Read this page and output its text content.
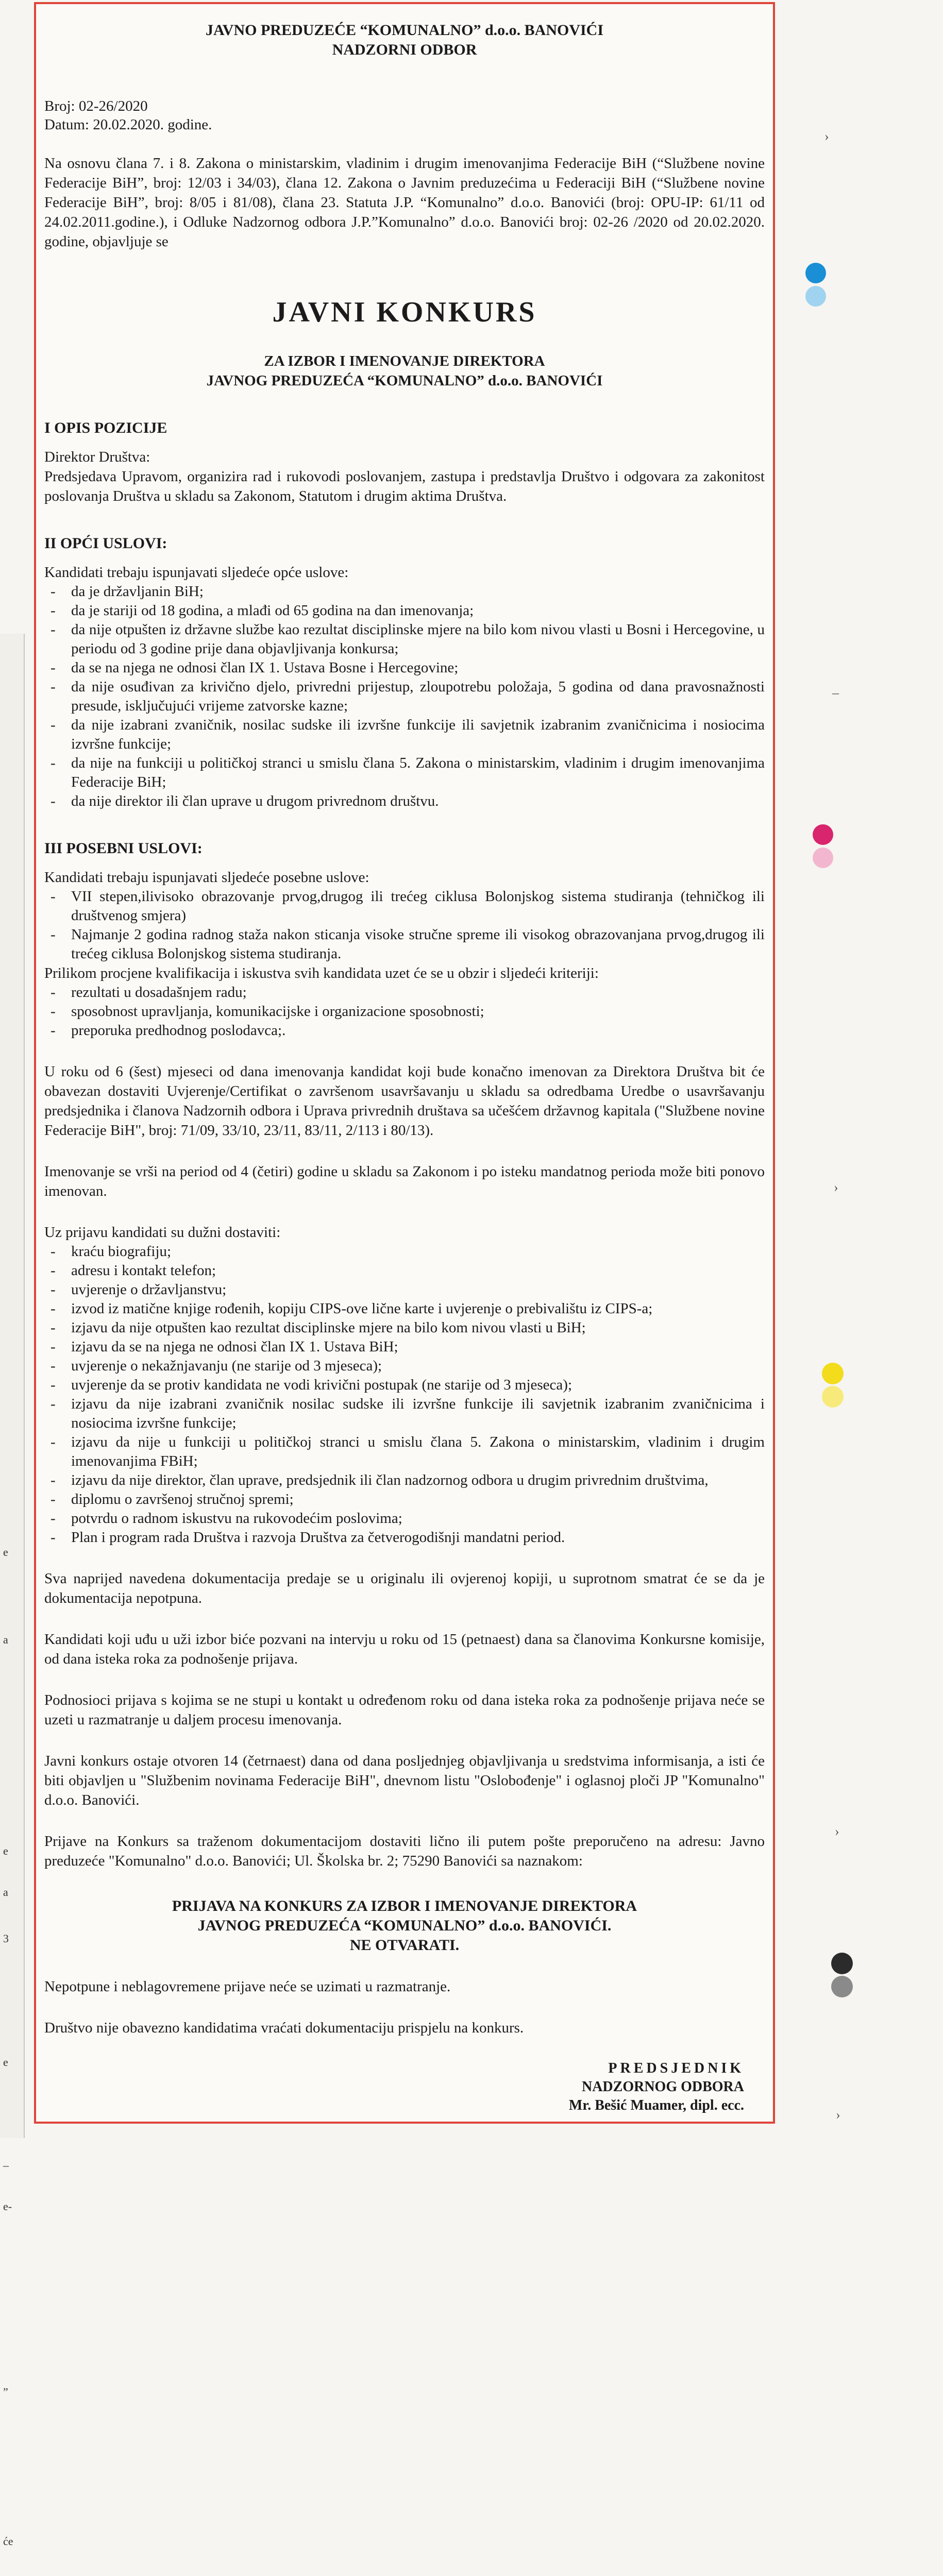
e
a
e
a
3
e
–
e-
”
će
JAVNO PREDUZEĆE “KOMUNALNO” d.o.o. BANOVIĆI
NADZORNI ODBOR
Broj: 02-26/2020
Datum: 20.02.2020. godine.

Na osnovu člana 7. i 8. Zakona o ministarskim, vladinim i drugim imenovanjima Federacije BiH (“Službene novine Federacije BiH”, broj: 12/03 i 34/03), člana 12. Zakona o Javnim preduzećima u Federaciji BiH (“Službene novine Federacije BiH”, broj: 8/05 i 81/08), člana 23. Statuta J.P. “Komunalno” d.o.o. Banovići (broj: OPU-IP: 61/11 od 24.02.2011.godine.), i Odluke Nadzornog odbora J.P.”Komunalno” d.o.o. Banovići broj: 02-26 /2020 od 20.02.2020. godine, objavljuje se

JAVNI KONKURS
ZA IZBOR I IMENOVANJE DIREKTORA
JAVNOG PREDUZEĆA “KOMUNALNO” d.o.o. BANOVIĆI
I OPIS POZICIJE

Direktor Društva:

Predsjedava Upravom, organizira rad i rukovodi poslovanjem, zastupa i predstavlja Društvo i odgovara za zakonitost poslovanja Društva u skladu sa Zakonom, Statutom i drugim aktima Društva.

II OPĆI USLOVI:

Kandidati trebaju ispunjavati sljedeće opće uslove:

- da je državljanin BiH;
- da je stariji od 18 godina, a mlađi od 65 godina na dan imenovanja;
- da nije otpušten iz državne službe kao rezultat disciplinske mjere na bilo kom nivou vlasti u Bosni i Hercegovine, u periodu od 3 godine prije dana objavljivanja konkursa;
- da se na njega ne odnosi član IX 1. Ustava Bosne i Hercegovine;
- da nije osuđivan za krivično djelo, privredni prijestup, zloupotrebu položaja, 5 godina od dana pravosnažnosti presude, isključujući vrijeme zatvorske kazne;
- da nije izabrani zvaničnik, nosilac sudske ili izvršne funkcije ili savjetnik izabranim zvaničnicima i nosiocima izvršne funkcije;
- da nije na funkciji u političkoj stranci u smislu člana 5. Zakona o ministarskim, vladinim i drugim imenovanjima Federacije BiH;
- da nije direktor ili član uprave u drugom privrednom društvu.
III POSEBNI USLOVI:

Kandidati trebaju ispunjavati sljedeće posebne uslove:

- VII stepen,ilivisoko obrazovanje prvog,drugog ili trećeg ciklusa Bolonjskog sistema studiranja (tehničkog ili društvenog smjera)
- Najmanje 2 godina radnog staža nakon sticanja visoke stručne spreme ili visokog obrazovanjana prvog,drugog ili trećeg ciklusa Bolonjskog sistema studiranja.

Prilikom procjene kvalifikacija i iskustva svih kandidata uzet će se u obzir i sljedeći kriteriji:

- rezultati u dosadašnjem radu;
- sposobnost upravljanja, komunikacijske i organizacione sposobnosti;
- preporuka predhodnog poslodavca;.

U roku od 6 (šest) mjeseci od dana imenovanja kandidat koji bude konačno imenovan za Direktora Društva bit će obavezan dostaviti Uvjerenje/Certifikat o završenom usavršavanju u skladu sa odredbama Uredbe o usavršavanju predsjednika i članova Nadzornih odbora i Uprava privrednih društava sa učešćem državnog kapitala ("Službene novine Federacije BiH", broj: 71/09, 33/10, 23/11, 83/11, 2/113 i 80/13).

Imenovanje se vrši na period od 4 (četiri) godine u skladu sa Zakonom i po isteku mandatnog perioda može biti ponovo imenovan.

Uz prijavu kandidati su dužni dostaviti:

- kraću biografiju;
- adresu i kontakt telefon;
- uvjerenje o državljanstvu;
- izvod iz matične knjige rođenih, kopiju CIPS-ove lične karte i uvjerenje o prebivalištu iz CIPS-a;
- izjavu da nije otpušten kao rezultat disciplinske mjere na bilo kom nivou vlasti u BiH;
- izjavu da se na njega ne odnosi član IX 1. Ustava BiH;
- uvjerenje o nekažnjavanju (ne starije od 3 mjeseca);
- uvjerenje da se protiv kandidata ne vodi krivični postupak (ne starije od 3 mjeseca);
- izjavu da nije izabrani zvaničnik nosilac sudske ili izvršne funkcije ili savjetnik izabranim zvaničnicima i nosiocima izvršne funkcije;
- izjavu da nije u funkciji u političkoj stranci u smislu člana 5. Zakona o ministarskim, vladinim i drugim imenovanjima FBiH;
- izjavu da nije direktor, član uprave, predsjednik ili član nadzornog odbora u drugim privrednim društvima,
- diplomu o završenoj stručnoj spremi;
- potvrdu o radnom iskustvu na rukovodećim poslovima;
- Plan i program rada Društva i razvoja Društva za četverogodišnji mandatni period.

Sva naprijed navedena dokumentacija predaje se u originalu ili ovjerenoj kopiji, u suprotnom smatrat će se da je dokumentacija nepotpuna.

Kandidati koji uđu u uži izbor biće pozvani na intervju u roku od 15 (petnaest) dana sa članovima Konkursne komisije, od dana isteka roka za podnošenje prijava.

Podnosioci prijava s kojima se ne stupi u kontakt u određenom roku od dana isteka roka za podnošenje prijava neće se uzeti u razmatranje u daljem procesu imenovanja.

Javni konkurs ostaje otvoren 14 (četrnaest) dana od dana posljednjeg objavljivanja u sredstvima informisanja, a isti će biti objavljen u "Službenim novinama Federacije BiH", dnevnom listu "Oslobođenje" i oglasnoj ploči JP "Komunalno" d.o.o. Banovići.

Prijave na Konkurs sa traženom dokumentacijom dostaviti lično ili putem pošte preporučeno na adresu: Javno preduzeće "Komunalno" d.o.o. Banovići; Ul. Školska br. 2; 75290 Banovići sa naznakom:

PRIJAVA NA KONKURS ZA IZBOR I IMENOVANJE DIREKTORA
JAVNOG PREDUZEĆA “KOMUNALNO” d.o.o. BANOVIĆI.
NE OTVARATI.

Nepotpune i neblagovremene prijave neće se uzimati u razmatranje.

Društvo nije obavezno kandidatima vraćati dokumentaciju prispjelu na konkurs.

PREDSJEDNIK
NADZORNOG ODBORA
Mr. Bešić Muamer, dipl. ecc.
›
–
›
›
›
